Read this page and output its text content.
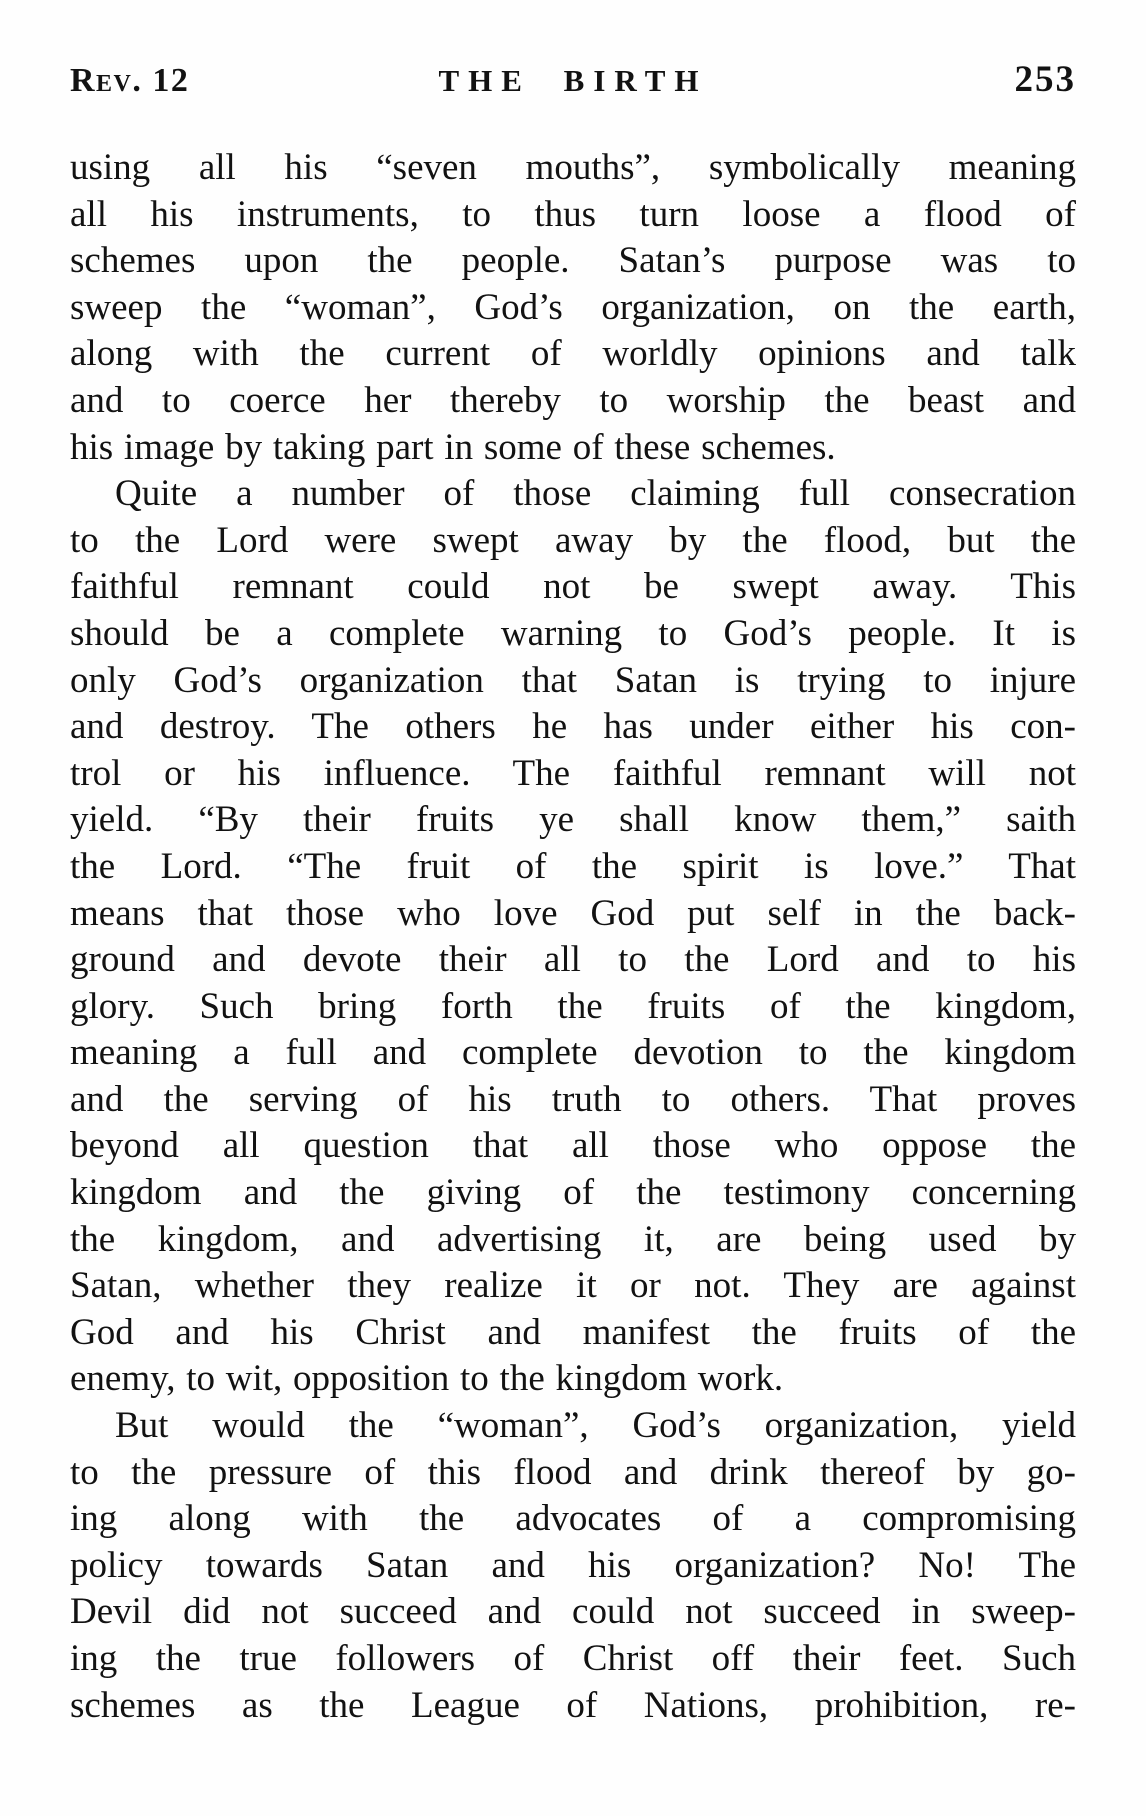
Rev. 12	THE BIRTH	253
using all his “seven mouths”, symbolically meaning
all his instruments, to thus turn loose a flood of
schemes upon the people. Satan’s purpose was to
sweep the “woman”, God’s organization, on the earth,
along with the current of worldly opinions and talk
and to coerce her thereby to worship the beast and
his image by taking part in some of these schemes.
Quite a number of those claiming full consecration
to the Lord were swept away by the flood, but the
faithful remnant could not be swept away. This
should be a complete warning to God’s people. It is
only God’s organization that Satan is trying to injure
and destroy. The others he has under either his con-
trol or his influence. The faithful remnant will not
yield. “By their fruits ye shall know them,” saith
the Lord. “The fruit of the spirit is love.” That
means that those who love God put self in the back-
ground and devote their all to the Lord and to his
glory. Such bring forth the fruits of the kingdom,
meaning a full and complete devotion to the kingdom
and the serving of his truth to others. That proves
beyond all question that all those who oppose the
kingdom and the giving of the testimony concerning
the kingdom, and advertising it, are being used by
Satan, whether they realize it or not. They are against
God and his Christ and manifest the fruits of the
enemy, to wit, opposition to the kingdom work.
But would the “woman”, God’s organization, yield
to the pressure of this flood and drink thereof by go-
ing along with the advocates of a compromising
policy towards Satan and his organization? No! The
Devil did not succeed and could not succeed in sweep-
ing the true followers of Christ off their feet. Such
schemes as the League of Nations, prohibition, re-
